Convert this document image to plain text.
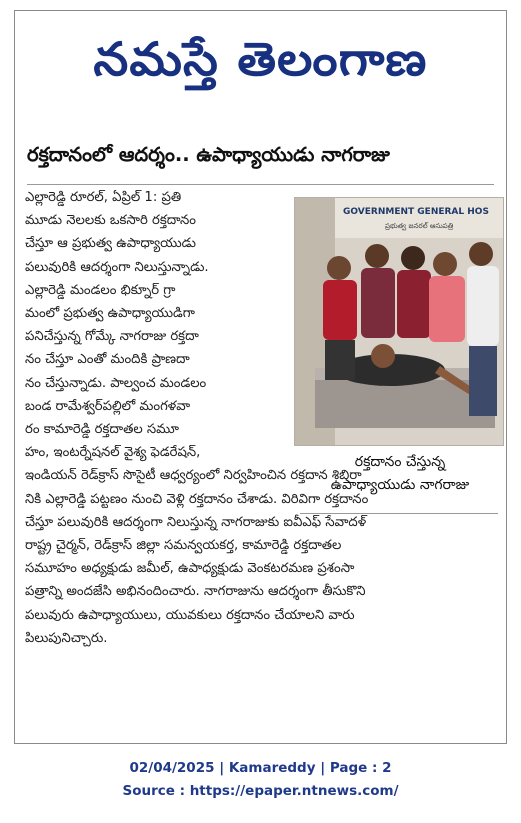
నమస్తే తెలంగాణ
రక్తదానంలో ఆదర్శం.. ఉపాధ్యాయుడు నాగరాజు
ఎల్లారెడ్డి రూరల్, ఏప్రిల్ 1: ప్రతి
మూడు నెలలకు ఒకసారి రక్తదానం
చేస్తూ ఆ ప్రభుత్వ ఉపాధ్యాయుడు
పలువురికి ఆదర్శంగా నిలుస్తున్నాడు.
ఎల్లారెడ్డి మండలం భిక్నూర్ గ్రా
మంలో ప్రభుత్వ ఉపాధ్యాయుడిగా
పనిచేస్తున్న గోమ్కే నాగరాజు రక్తదా
నం చేస్తూ ఎంతో మందికి ప్రాణదా
నం చేస్తున్నాడు. పాల్వంచ మండలం
బండ రామేశ్వర్‌పల్లిలో మంగళవా
రం కామారెడ్డి రక్తదాతల సమూ
హం, ఇంటర్నేషనల్ వైశ్య ఫెడరేషన్,
ఇండియన్ రెడ్‌క్రాస్ సొసైటీ ఆధ్వర్యంలో నిర్వహించిన రక్తదాన శిబిరా
నికి ఎల్లారెడ్డి పట్టణం నుంచి వెళ్లి రక్తదానం చేశాడు. విరివిగా రక్తదానం
చేస్తూ పలువురికి ఆదర్శంగా నిలుస్తున్న నాగరాజుకు ఐవీఎఫ్ సేవాదళ్
రాష్ట్ర చైర్మన్, రెడ్‌క్రాస్ జిల్లా సమన్వయకర్త, కామారెడ్డి రక్తదాతల
సమూహం అధ్యక్షుడు జమీల్, ఉపాధ్యక్షుడు వెంకటరమణ ప్రశంసా
పత్రాన్ని అందజేసి అభినందించారు. నాగరాజును ఆదర్శంగా తీసుకొని
పలువురు ఉపాధ్యాయులు, యువకులు రక్తదానం చేయాలని వారు
పిలుపునిచ్చారు.
GOVERNMENT GENERAL HOS
ప్రభుత్వ జనరల్ ఆసుపత్రి
రక్తదానం చేస్తున్న
ఉపాధ్యాయుడు నాగరాజు
02/04/2025 | Kamareddy | Page : 2
Source : https://epaper.ntnews.com/
